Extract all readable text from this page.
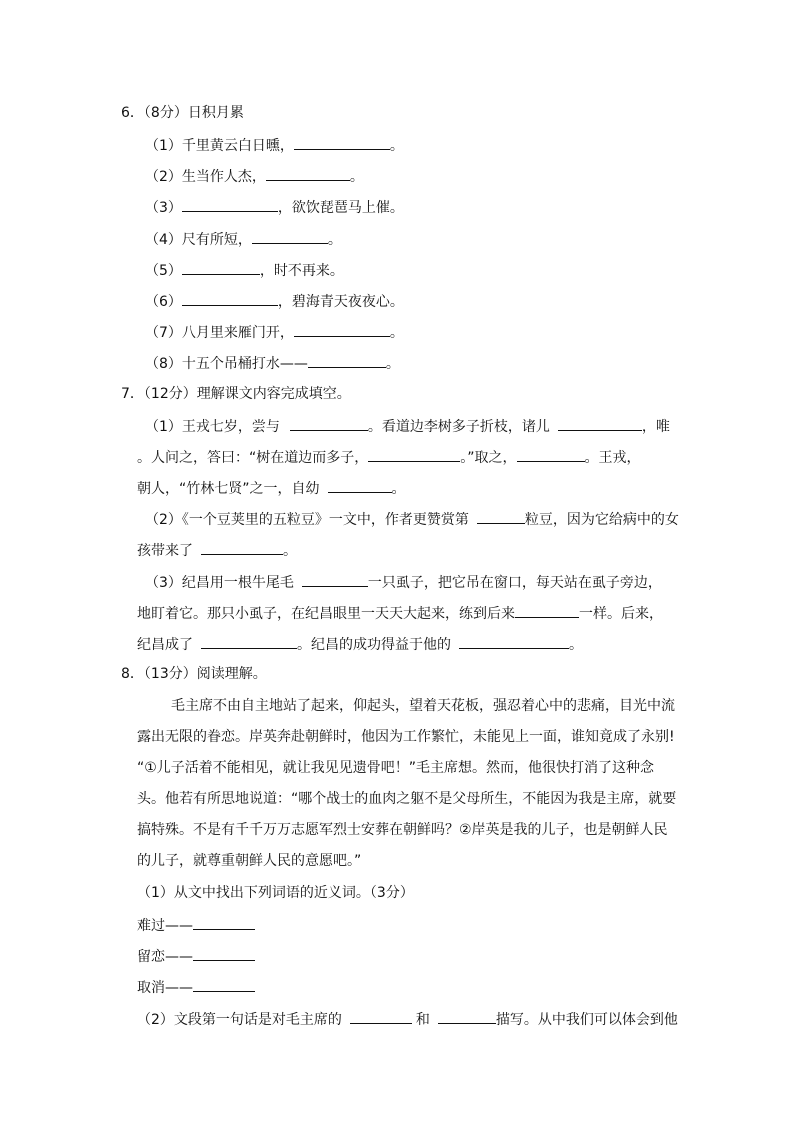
6．（8分）日积月累
（1）千里黄云白日曛，	。
（2）生当作人杰，	。
（3）	，欲饮琵琶马上催。
（4）尺有所短，	。
（5）	，时不再来。
（6）	，碧海青天夜夜心。
（7）八月里来雁门开，	。
（8）十五个吊桶打水——	。
7．（12分）理解课文内容完成填空。
（1）王戎七岁，尝与	。看道边李树多子折枝，诸儿	，唯
。人问之，答曰：“树在道边而多子，	。”取之，	。王戎，
朝人，“竹林七贤”之一，自幼	。
（2）《一个豆荚里的五粒豆》一文中，作者更赞赏第	粒豆，因为它给病中的女
孩带来了	。
（3）纪昌用一根牛尾毛	一只虱子，把它吊在窗口，每天站在虱子旁边，
地盯着它。那只小虱子，在纪昌眼里一天天大起来，练到后来	一样。后来，
纪昌成了	。纪昌的成功得益于他的	。
8．（13分）阅读理解。
毛主席不由自主地站了起来，仰起头，望着天花板，强忍着心中的悲痛，目光中流
露出无限的眷恋。岸英奔赴朝鲜时，他因为工作繁忙，未能见上一面，谁知竟成了永别!
“①儿子活着不能相见，就让我见见遗骨吧！”毛主席想。然而，他很快打消了这种念
头。他若有所思地说道：“哪个战士的血肉之躯不是父母所生，不能因为我是主席，就要
搞特殊。不是有千千万万志愿军烈士安葬在朝鲜吗？②岸英是我的儿子，也是朝鲜人民
的儿子，就尊重朝鲜人民的意愿吧。”
（1）从文中找出下列词语的近义词。（3分）
难过——
留恋——
取消——
（2）文段第一句话是对毛主席的	和	描写。从中我们可以体会到他
